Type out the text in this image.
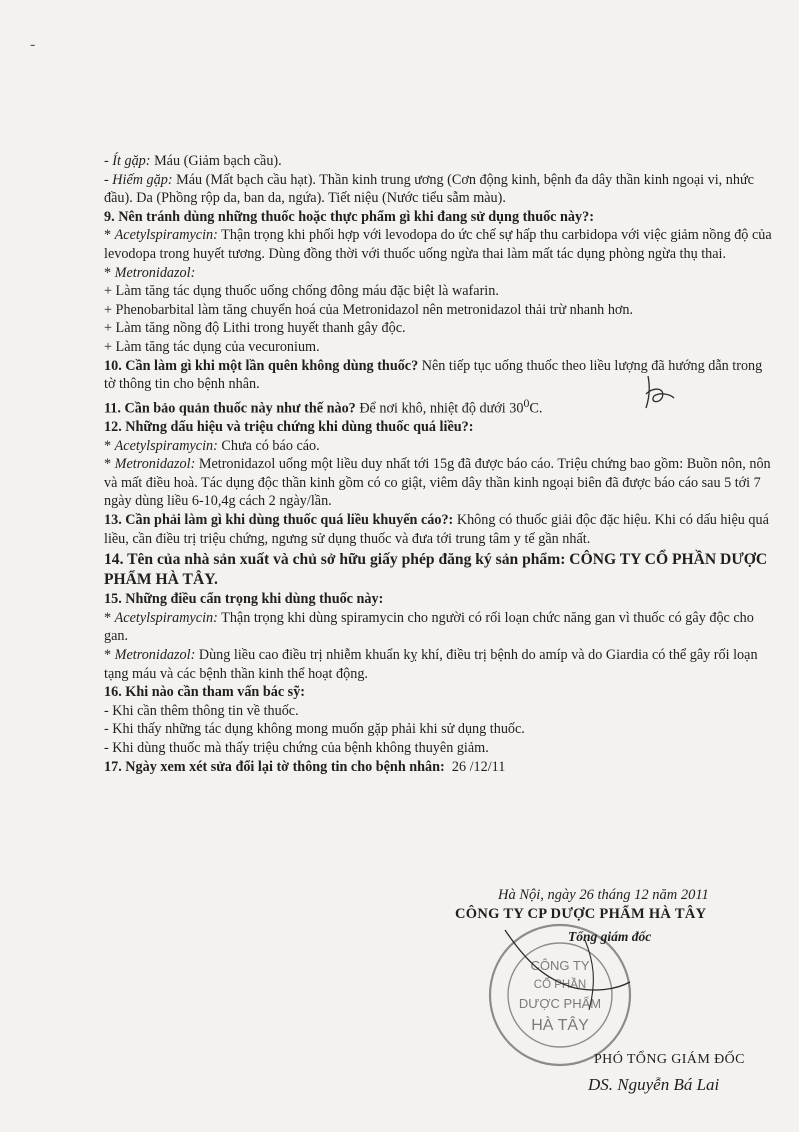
-

- Ít gặp: Máu (Giảm bạch cầu).

- Hiếm gặp: Máu (Mất bạch cầu hạt). Thần kinh trung ương (Cơn động kinh, bệnh đa dây thần kinh ngoại vi, nhức đầu). Da (Phồng rộp da, ban da, ngứa). Tiết niệu (Nước tiểu sẫm màu).

9. Nên tránh dùng những thuốc hoặc thực phẩm gì khi đang sử dụng thuốc này?:

* Acetylspiramycin: Thận trọng khi phối hợp với levodopa do ức chế sự hấp thu carbidopa với việc giảm nồng độ của levodopa trong huyết tương. Dùng đồng thời với thuốc uống ngừa thai làm mất tác dụng phòng ngừa thụ thai.

* Metronidazol:

+ Làm tăng tác dụng thuốc uống chống đông máu đặc biệt là wafarin.

+ Phenobarbital làm tăng chuyển hoá của Metronidazol nên metronidazol thải trừ nhanh hơn.

+ Làm tăng nồng độ Lithi trong huyết thanh gây độc.

+ Làm tăng tác dụng của vecuronium.

10. Cần làm gì khi một lần quên không dùng thuốc? Nên tiếp tục uống thuốc theo liều lượng đã hướng dẫn trong tờ thông tin cho bệnh nhân.

11. Cần bảo quản thuốc này như thế nào? Để nơi khô, nhiệt độ dưới $30^0C$.

12. Những dấu hiệu và triệu chứng khi dùng thuốc quá liều?:

* Acetylspiramycin: Chưa có báo cáo.

* Metronidazol: Metronidazol uống một liều duy nhất tới 15g đã được báo cáo. Triệu chứng bao gồm: Buồn nôn, nôn và mất điều hoà. Tác dụng độc thần kinh gồm có co giật, viêm dây thần kinh ngoại biên đã được báo cáo sau 5 tới 7 ngày dùng liều 6-10,4g cách 2 ngày/lần.

13. Cần phải làm gì khi dùng thuốc quá liều khuyến cáo?: Không có thuốc giải độc đặc hiệu. Khi có dấu hiệu quá liều, cần điều trị triệu chứng, ngưng sử dụng thuốc và đưa tới trung tâm y tế gần nhất.

14. Tên của nhà sản xuất và chủ sở hữu giấy phép đăng ký sản phẩm: CÔNG TY CỔ PHẦN DƯỢC PHẨM HÀ TÂY.

15. Những điều cẩn trọng khi dùng thuốc này:

* Acetylspiramycin: Thận trọng khi dùng spiramycin cho người có rối loạn chức năng gan vì thuốc có gây độc cho gan.

* Metronidazol: Dùng liều cao điều trị nhiễm khuẩn kỵ khí, điều trị bệnh do amíp và do Giardia có thể gây rối loạn tạng máu và các bệnh thần kinh thể hoạt động.

16. Khi nào cần tham vấn bác sỹ:

- Khi cần thêm thông tin về thuốc.

- Khi thấy những tác dụng không mong muốn gặp phải khi sử dụng thuốc.

- Khi dùng thuốc mà thấy triệu chứng của bệnh không thuyên giảm.

17. Ngày xem xét sửa đổi lại tờ thông tin cho bệnh nhân: 26 /12/11

Hà Nội, ngày 26 tháng 12 năm 2011
CÔNG TY CP DƯỢC PHẨM HÀ TÂY
CÔNG TY
CỔ PHẦN
DƯỢC PHẨM
HÀ TÂY
Tổng giám đốc
PHÓ TỔNG GIÁM ĐỐC
DS. Nguyễn Bá Lai
